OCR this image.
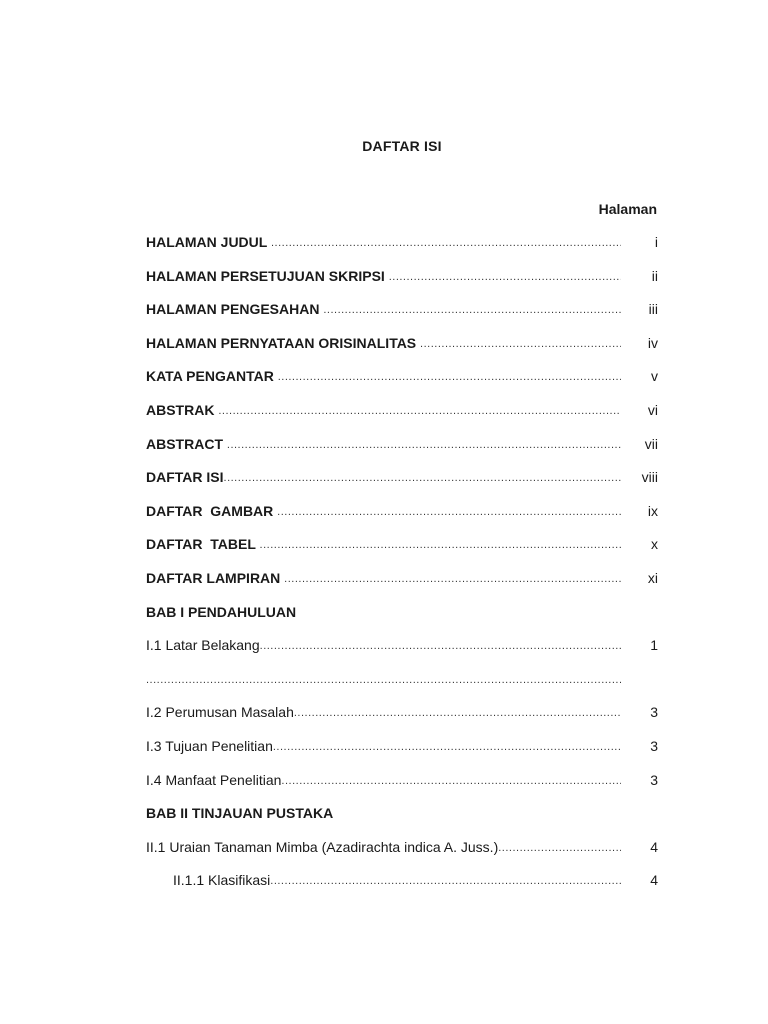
DAFTAR ISI
Halaman
HALAMAN JUDUL .....	i
HALAMAN PERSETUJUAN SKRIPSI .....	ii
HALAMAN PENGESAHAN .....	iii
HALAMAN PERNYATAAN ORISINALITAS .....	iv
KATA PENGANTAR .....	v
ABSTRAK .....	vi
ABSTRACT .....	vii
DAFTAR ISI .....	viii
DAFTAR  GAMBAR .....	ix
DAFTAR  TABEL .....	x
DAFTAR LAMPIRAN .....	xi
BAB I PENDAHULUAN
I.1 Latar Belakang .....	1
.....
I.2 Perumusan Masalah .....	3
I.3 Tujuan Penelitian .....	3
I.4 Manfaat Penelitian .....	3
BAB II TINJAUAN PUSTAKA
II.1 Uraian Tanaman Mimba (Azadirachta indica A. Juss.) .....	4
II.1.1 Klasifikasi .....	4
